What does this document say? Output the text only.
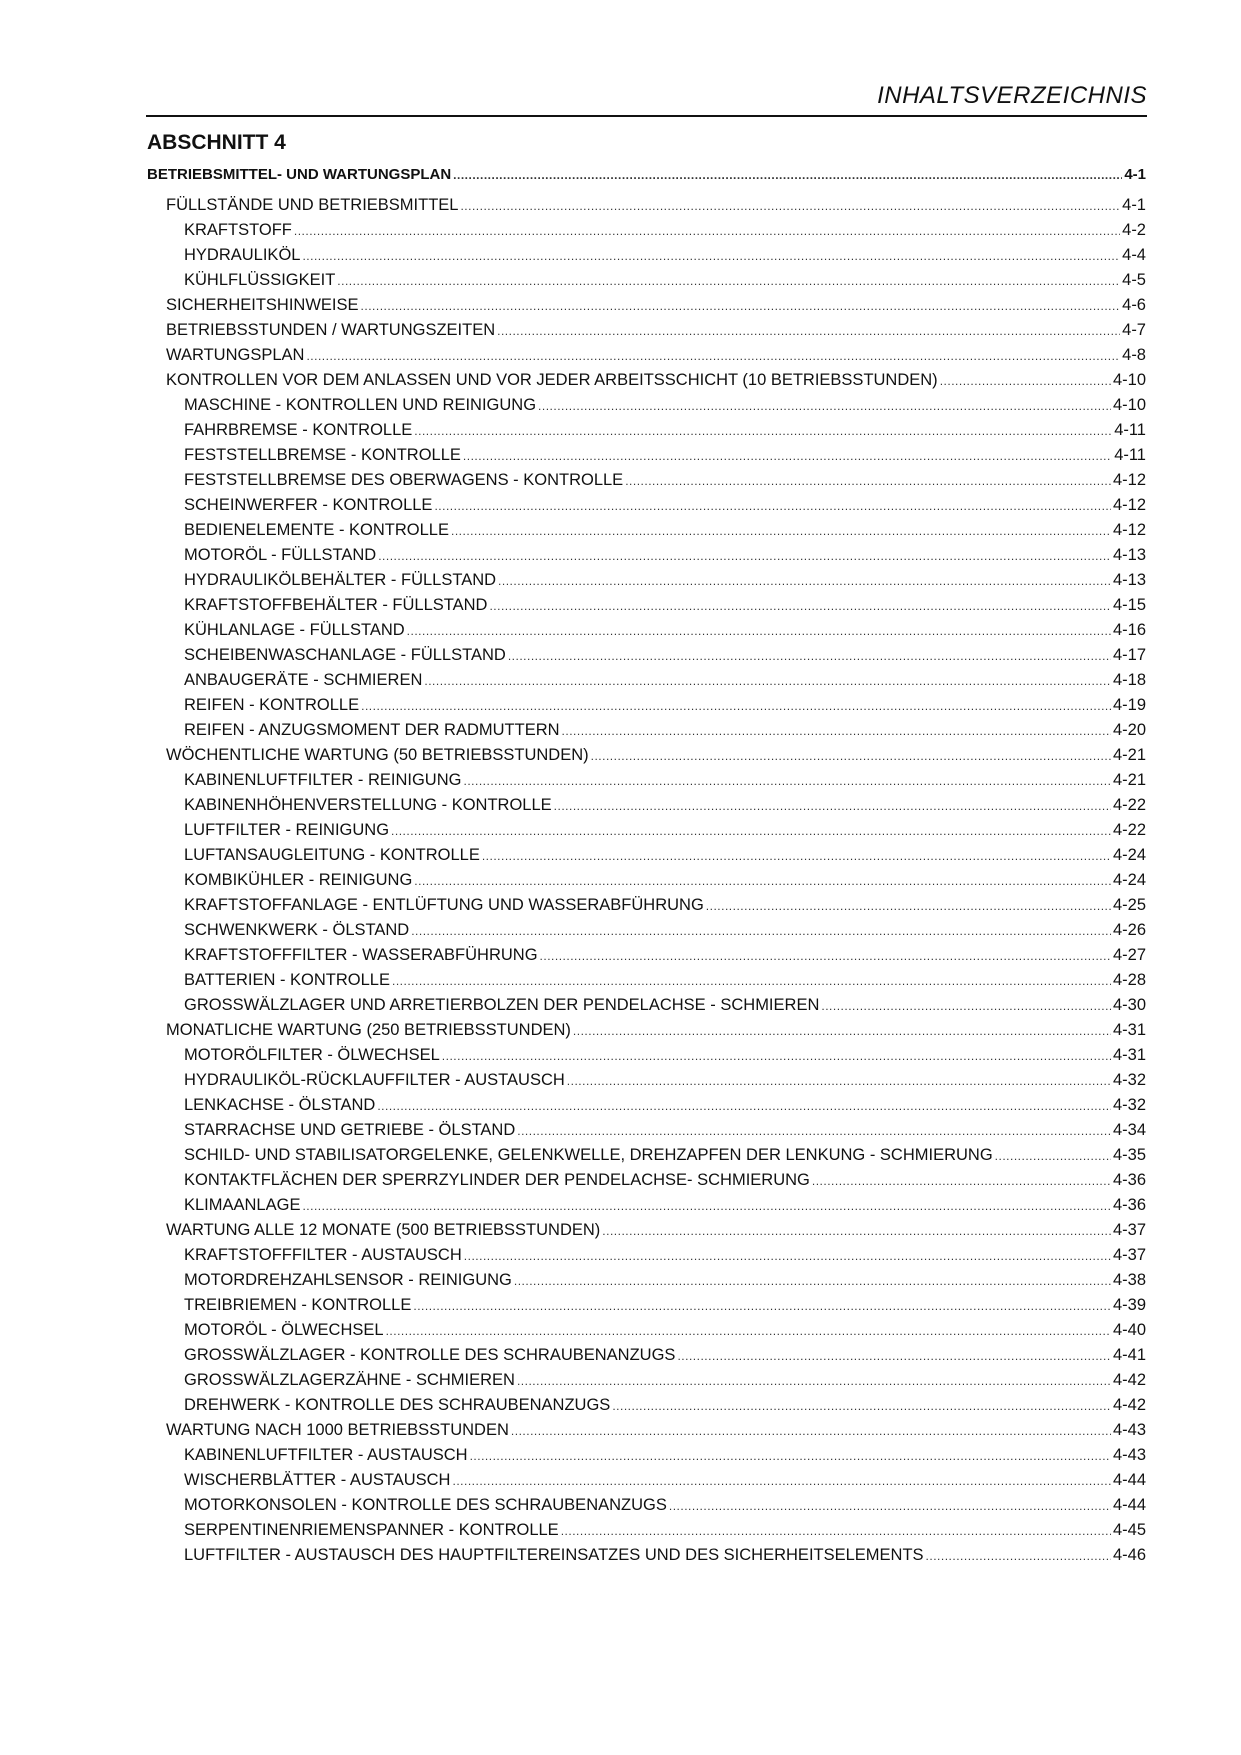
INHALTSVERZEICHNIS
ABSCHNITT 4
BETRIEBSMITTEL- UND WARTUNGSPLAN .....	4-1
FÜLLSTÄNDE UND BETRIEBSMITTEL .....	4-1
KRAFTSTOFF .....	4-2
HYDRAULIKÖL .....	4-4
KÜHLFLÜSSIGKEIT .....	4-5
SICHERHEITSHINWEISE .....	4-6
BETRIEBSSTUNDEN / WARTUNGSZEITEN .....	4-7
WARTUNGSPLAN .....	4-8
KONTROLLEN VOR DEM ANLASSEN UND VOR JEDER ARBEITSSCHICHT (10 BETRIEBSSTUNDEN) .....	4-10
MASCHINE - KONTROLLEN UND REINIGUNG .....	4-10
FAHRBREMSE - KONTROLLE .....	4-11
FESTSTELLBREMSE - KONTROLLE .....	4-11
FESTSTELLBREMSE DES OBERWAGENS - KONTROLLE .....	4-12
SCHEINWERFER - KONTROLLE .....	4-12
BEDIENELEMENTE - KONTROLLE .....	4-12
MOTORÖL - FÜLLSTAND .....	4-13
HYDRAULIKÖLBEHÄLTER - FÜLLSTAND .....	4-13
KRAFTSTOFFBEHÄLTER - FÜLLSTAND .....	4-15
KÜHLANLAGE - FÜLLSTAND .....	4-16
SCHEIBENWASCHANLAGE - FÜLLSTAND .....	4-17
ANBAUGERÄTE - SCHMIEREN .....	4-18
REIFEN - KONTROLLE .....	4-19
REIFEN - ANZUGSMOMENT DER RADMUTTERN .....	4-20
WÖCHENTLICHE WARTUNG (50 BETRIEBSSTUNDEN) .....	4-21
KABINENLUFTFILTER - REINIGUNG .....	4-21
KABINENHÖHENVERSTELLUNG - KONTROLLE .....	4-22
LUFTFILTER - REINIGUNG .....	4-22
LUFTANSAUGLEITUNG - KONTROLLE .....	4-24
KOMBIKÜHLER - REINIGUNG .....	4-24
KRAFTSTOFFANLAGE - ENTLÜFTUNG UND WASSERABFÜHRUNG .....	4-25
SCHWENKWERK - ÖLSTAND .....	4-26
KRAFTSTOFFFILTER - WASSERABFÜHRUNG .....	4-27
BATTERIEN - KONTROLLE .....	4-28
GROSSWÄLZLAGER UND ARRETIERBOLZEN DER PENDELACHSE - SCHMIEREN .....	4-30
MONATLICHE WARTUNG (250 BETRIEBSSTUNDEN) .....	4-31
MOTORÖLFILTER - ÖLWECHSEL .....	4-31
HYDRAULIKÖL-RÜCKLAUFFILTER - AUSTAUSCH .....	4-32
LENKACHSE - ÖLSTAND .....	4-32
STARRACHSE UND GETRIEBE - ÖLSTAND .....	4-34
SCHILD- UND STABILISATORGELENKE, GELENKWELLE, DREHZAPFEN DER LENKUNG - SCHMIERUNG .....	4-35
KONTAKTFLÄCHEN DER SPERRZYLINDER DER PENDELACHSE- SCHMIERUNG .....	4-36
KLIMAANLAGE .....	4-36
WARTUNG ALLE 12 MONATE (500 BETRIEBSSTUNDEN) .....	4-37
KRAFTSTOFFFILTER - AUSTAUSCH .....	4-37
MOTORDREHZAHLSENSOR - REINIGUNG .....	4-38
TREIBRIEMEN - KONTROLLE .....	4-39
MOTORÖL - ÖLWECHSEL .....	4-40
GROSSWÄLZLAGER - KONTROLLE DES SCHRAUBENANZUGS .....	4-41
GROSSWÄLZLAGERZÄHNE - SCHMIEREN .....	4-42
DREHWERK - KONTROLLE DES SCHRAUBENANZUGS .....	4-42
WARTUNG NACH 1000 BETRIEBSSTUNDEN .....	4-43
KABINENLUFTFILTER - AUSTAUSCH .....	4-43
WISCHERBLÄTTER - AUSTAUSCH .....	4-44
MOTORKONSOLEN - KONTROLLE DES SCHRAUBENANZUGS .....	4-44
SERPENTINENRIEMENSPANNER - KONTROLLE .....	4-45
LUFTFILTER - AUSTAUSCH DES HAUPTFILTEREINSATZES UND DES SICHERHEITSELEMENTS .....	4-46
